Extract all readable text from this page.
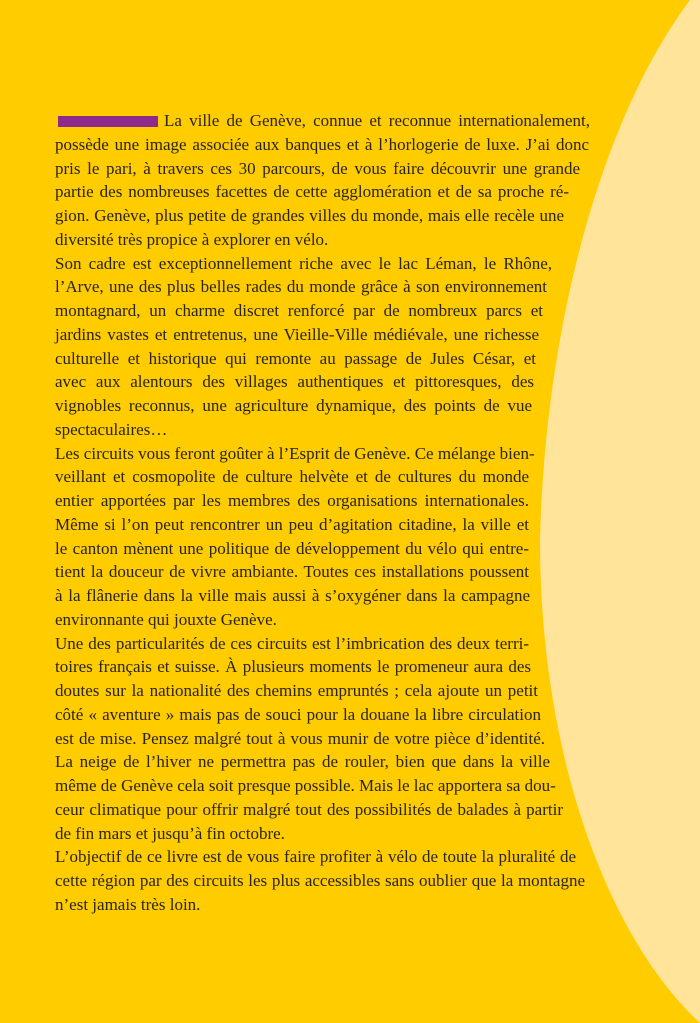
La ville de Genève, connue et reconnue internationalement,
possède une image associée aux banques et à l’horlogerie de luxe. J’ai donc
pris le pari, à travers ces 30 parcours, de vous faire découvrir une grande
partie des nombreuses facettes de cette agglomération et de sa proche ré-
gion. Genève, plus petite de grandes villes du monde, mais elle recèle une
diversité très propice à explorer en vélo.
Son cadre est exceptionnellement riche avec le lac Léman, le Rhône,
l’Arve, une des plus belles rades du monde grâce à son environnement
montagnard, un charme discret renforcé par de nombreux parcs et
jardins vastes et entretenus, une Vieille-Ville médiévale, une richesse
culturelle et historique qui remonte au passage de Jules César, et
avec aux alentours des villages authentiques et pittoresques, des
vignobles reconnus, une agriculture dynamique, des points de vue
spectaculaires…
Les circuits vous feront goûter à l’Esprit de Genève. Ce mélange bien-
veillant et cosmopolite de culture helvète et de cultures du monde
entier apportées par les membres des organisations internationales.
Même si l’on peut rencontrer un peu d’agitation citadine, la ville et
le canton mènent une politique de développement du vélo qui entre-
tient la douceur de vivre ambiante. Toutes ces installations poussent
à la flânerie dans la ville mais aussi à s’oxygéner dans la campagne
environnante qui jouxte Genève.
Une des particularités de ces circuits est l’imbrication des deux terri-
toires français et suisse. À plusieurs moments le promeneur aura des
doutes sur la nationalité des chemins empruntés ; cela ajoute un petit
côté « aventure » mais pas de souci pour la douane la libre circulation
est de mise. Pensez malgré tout à vous munir de votre pièce d’identité.
La neige de l’hiver ne permettra pas de rouler, bien que dans la ville
même de Genève cela soit presque possible. Mais le lac apportera sa dou-
ceur climatique pour offrir malgré tout des possibilités de balades à partir
de fin mars et jusqu’à fin octobre.
L’objectif de ce livre est de vous faire profiter à vélo de toute la pluralité de
cette région par des circuits les plus accessibles sans oublier que la montagne
n’est jamais très loin.
